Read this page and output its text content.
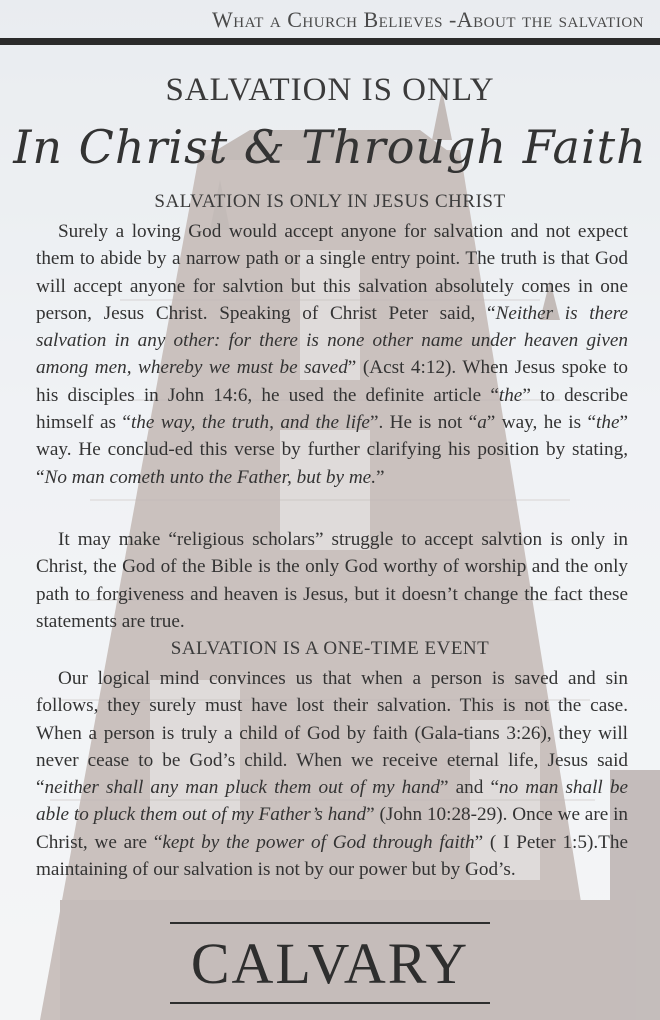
What a Church Believes -About the salvation
SALVATION IS ONLY
In Christ & Through Faith
SALVATION IS ONLY IN JESUS CHRIST

Surely a loving God would accept anyone for salvation and not expect them to abide by a narrow path or a single entry point. The truth is that God will accept anyone for salvtion but this salvation absolutely comes in one person, Jesus Christ. Speaking of Christ Peter said, “Neither is there salvation in any other: for there is none other name under heaven given among men, whereby we must be saved” (Acst 4:12). When Jesus spoke to his disciples in John 14:6, he used the definite article “the” to describe himself as “the way, the truth, and the life”. He is not “a” way, he is “the” way. He conclud-ed this verse by further clarifying his position by stating, “No man cometh unto the Father, but by me.”

It may make “religious scholars” struggle to accept salvtion is only in Christ, the God of the Bible is the only God worthy of worship and the only path to forgiveness and heaven is Jesus, but it doesn’t change the fact these statements are true.

SALVATION IS A ONE-TIME EVENT

Our logical mind convinces us that when a person is saved and sin follows, they surely must have lost their salvation. This is not the case. When a person is truly a child of God by faith (Gala-tians 3:26), they will never cease to be God’s child. When we receive eternal life, Jesus said “neither shall any man pluck them out of my hand” and “no man shall be able to pluck them out of my Father’s hand” (John 10:28-29). Once we are in Christ, we are “kept by the power of God through faith” ( I Peter 1:5).The maintaining of our salvation is not by our power but by God’s.

CALVARY
